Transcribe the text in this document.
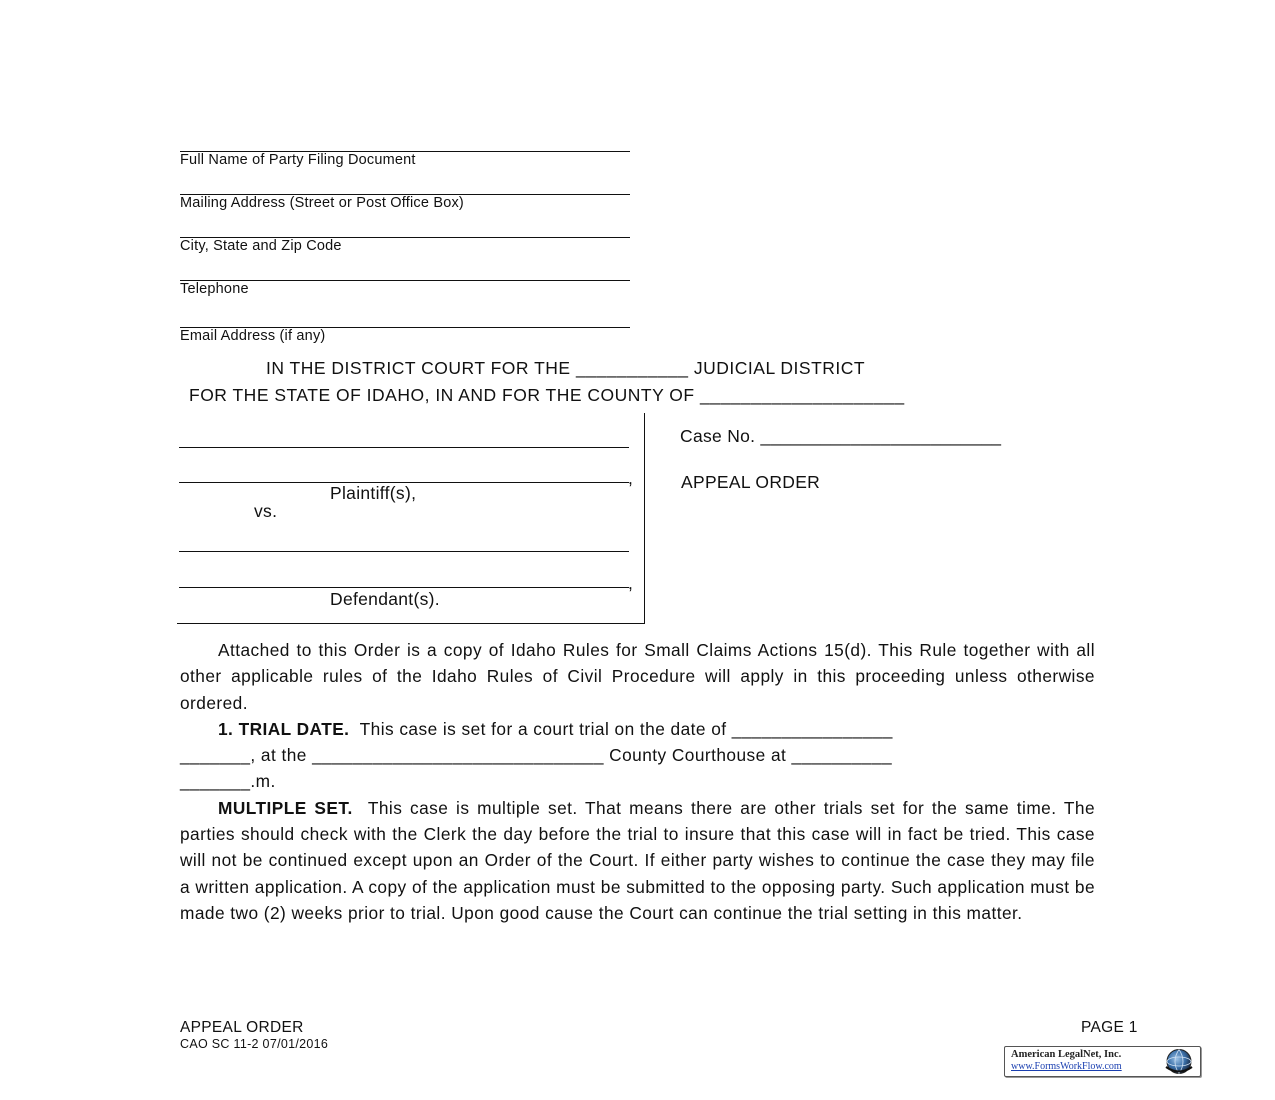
Full Name of Party Filing Document
Mailing Address (Street or Post Office Box)
City, State and Zip Code
Telephone
Email Address (if any)
IN THE DISTRICT COURT FOR THE ___________ JUDICIAL DISTRICT
FOR THE STATE OF IDAHO, IN AND FOR THE COUNTY OF ____________________
,
Plaintiff(s),
vs.
,
Defendant(s).
Case No. ________________________
APPEAL ORDER

Attached to this Order is a copy of Idaho Rules for Small Claims Actions 15(d). This Rule together with all other applicable rules of the Idaho Rules of Civil Procedure will apply in this proceeding unless otherwise ordered.

1. TRIAL DATE. This case is set for a court trial on the date of ________________
_______, at the _____________________________ County Courthouse at __________
_______.m.

MULTIPLE SET. This case is multiple set. That means there are other trials set for the same time. The parties should check with the Clerk the day before the trial to insure that this case will in fact be tried. This case will not be continued except upon an Order of the Court. If either party wishes to continue the case they may file a written application. A copy of the application must be submitted to the opposing party. Such application must be made two (2) weeks prior to trial. Upon good cause the Court can continue the trial setting in this matter.

APPEAL ORDER
CAO SC 11-2 07/01/2016
PAGE 1
American LegalNet, Inc.
www.FormsWorkFlow.com
